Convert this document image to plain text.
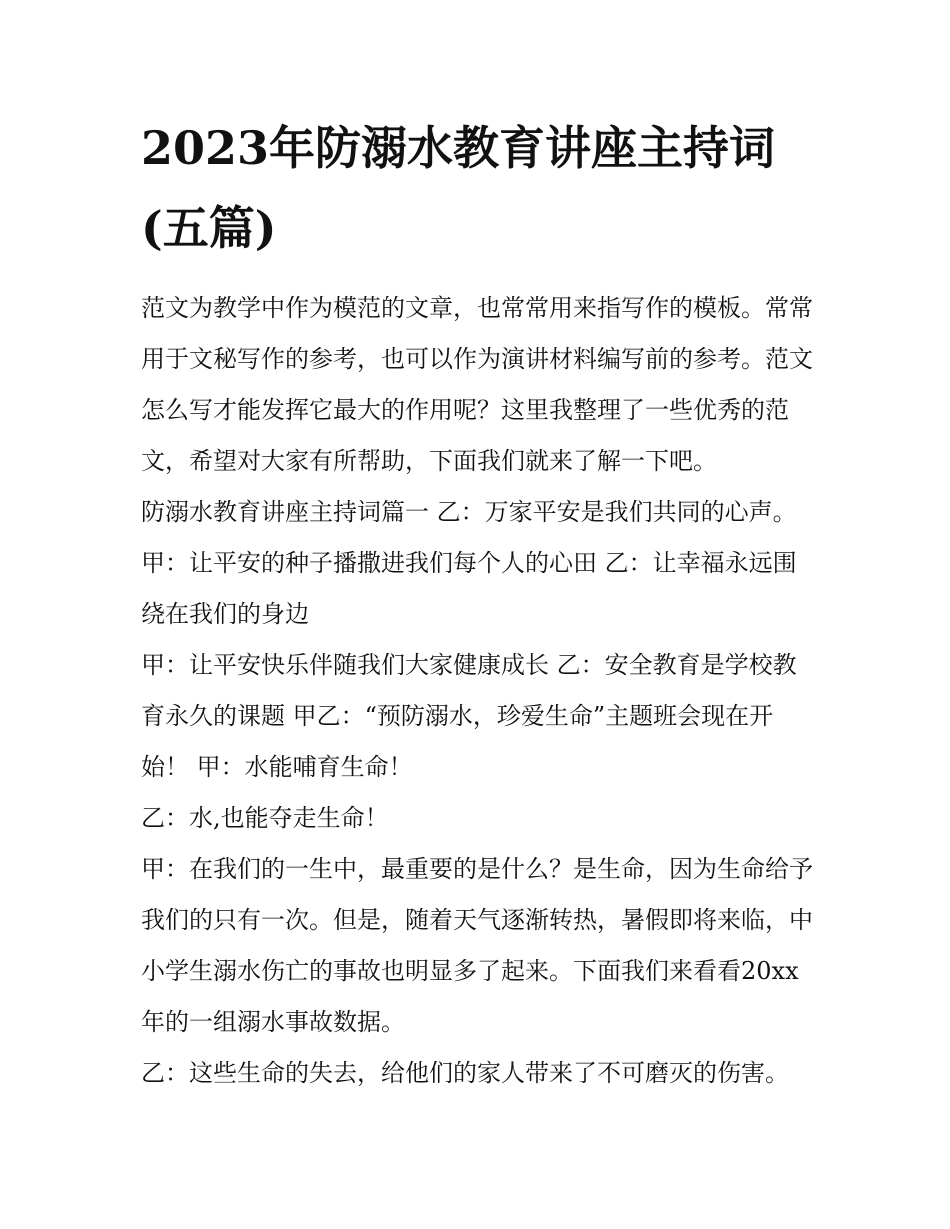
2023年防溺水教育讲座主持词(五篇)

范文为教学中作为模范的文章，也常常用来指写作的模板。常常用于文秘写作的参考，也可以作为演讲材料编写前的参考。范文怎么写才能发挥它最大的作用呢？这里我整理了一些优秀的范文，希望对大家有所帮助，下面我们就来了解一下吧。

防溺水教育讲座主持词篇一 乙：万家平安是我们共同的心声。 甲：让平安的种子播撒进我们每个人的心田 乙：让幸福永远围绕在我们的身边

甲：让平安快乐伴随我们大家健康成长 乙：安全教育是学校教育永久的课题 甲乙：“预防溺水，珍爱生命”主题班会现在开始！ 甲：水能哺育生命！

乙：水,也能夺走生命！

甲：在我们的一生中，最重要的是什么？是生命，因为生命给予我们的只有一次。但是，随着天气逐渐转热，暑假即将来临，中小学生溺水伤亡的事故也明显多了起来。下面我们来看看20xx年的一组溺水事故数据。

乙：这些生命的失去，给他们的家人带来了不可磨灭的伤害。
